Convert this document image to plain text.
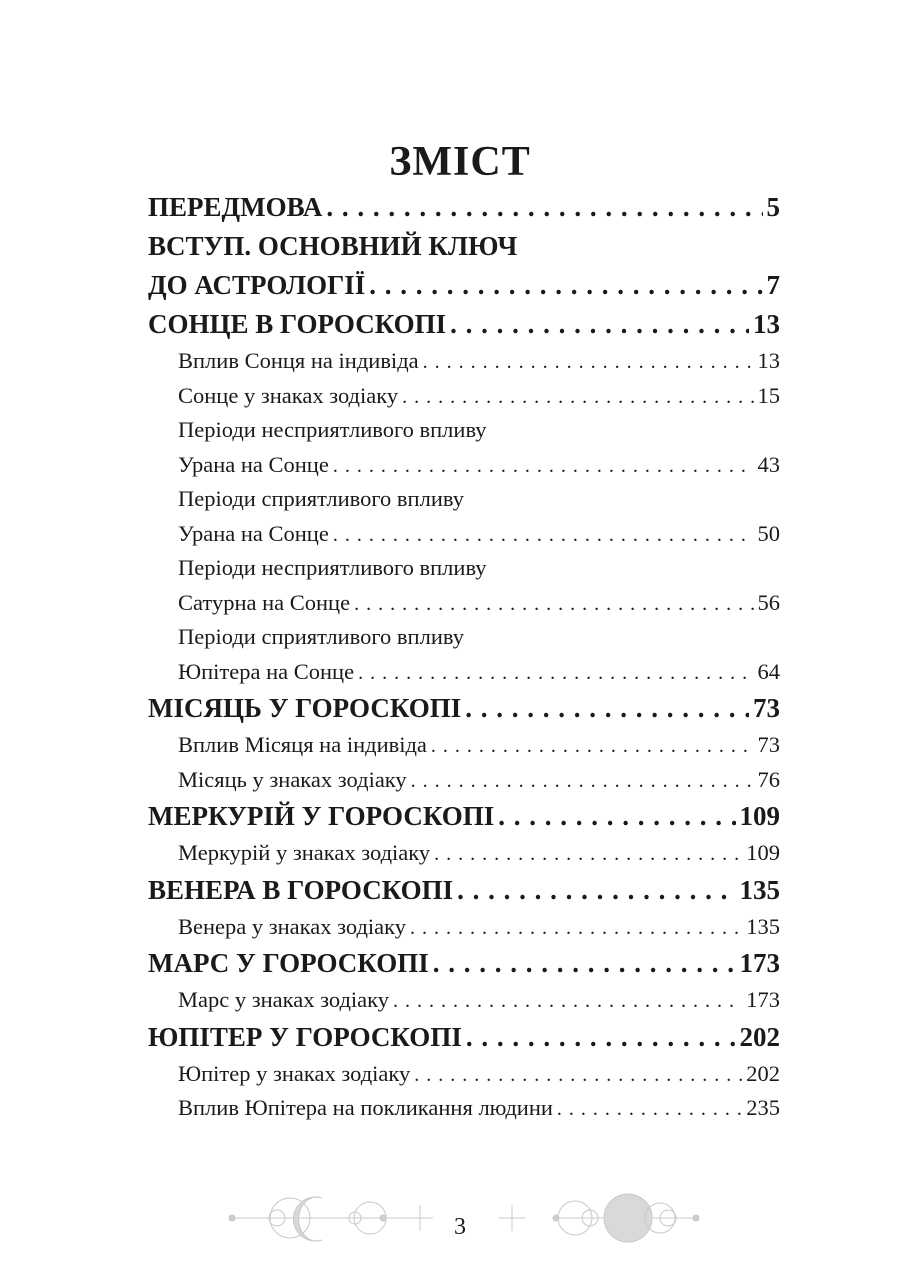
ЗМІСТ
ПЕРЕДМОВА . . .	5
ВСТУП. ОСНОВНИЙ КЛЮЧ
ДО АСТРОЛОГІЇ . . .	7
СОНЦЕ В ГОРОСКОПІ . . .	13
Вплив Сонця на індивіда . . .	13
Сонце у знаках зодіаку . . .	15
Періоди несприятливого впливу
Урана на Сонце . . .	43
Періоди сприятливого впливу
Урана на Сонце . . .	50
Періоди несприятливого впливу
Сатурна на Сонце . . .	56
Періоди сприятливого впливу
Юпітера на Сонце . . .	64
МІСЯЦЬ У ГОРОСКОПІ . . .	73
Вплив Місяця на індивіда . . .	73
Місяць у знаках зодіаку . . .	76
МЕРКУРІЙ У ГОРОСКОПІ . . .	109
Меркурій у знаках зодіаку . . .	109
ВЕНЕРА В ГОРОСКОПІ . . .	135
Венера у знаках зодіаку . . .	135
МАРС У ГОРОСКОПІ . . .	173
Марс у знаках зодіаку . . .	173
ЮПІТЕР У ГОРОСКОПІ . . .	202
Юпітер у знаках зодіаку . . .	202
Вплив Юпітера на покликання людини . . .	235
3
